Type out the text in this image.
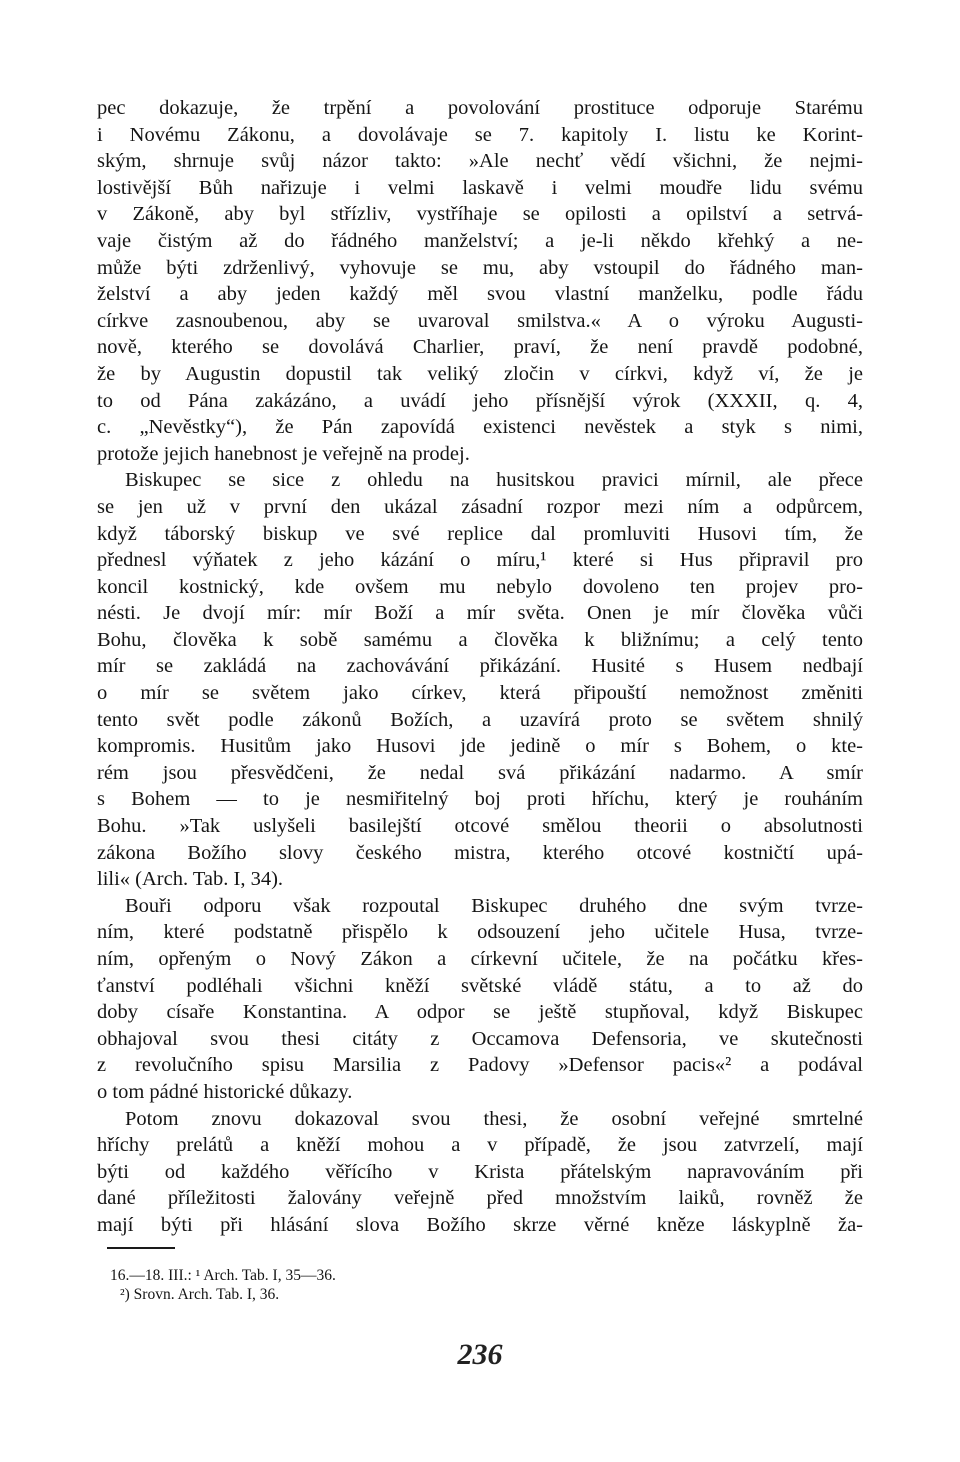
pec dokazuje, že trpění a povolování prostituce odporuje Starému
i Novému Zákonu, a dovolávaje se 7. kapitoly I. listu ke Korint-
ským, shrnuje svůj názor takto: »Ale nechť vědí všichni, že nejmi-
lostivější Bůh nařizuje i velmi laskavě i velmi moudře lidu svému
v Zákoně, aby byl střízliv, vystříhaje se opilosti a opilství a setrvá-
vaje čistým až do řádného manželství; a je-li někdo křehký a ne-
může býti zdrženlivý, vyhovuje se mu, aby vstoupil do řádného man-
želství a aby jeden každý měl svou vlastní manželku, podle řádu
církve zasnoubenou, aby se uvaroval smilstva.« A o výroku Augusti-
nově, kterého se dovolává Charlier, praví, že není pravdě podobné,
že by Augustin dopustil tak veliký zločin v církvi, když ví, že je
to od Pána zakázáno, a uvádí jeho přísnější výrok (XXXII, q. 4,
c. „Nevěstky“), že Pán zapovídá existenci nevěstek a styk s nimi,
protože jejich hanebnost je veřejně na prodej.
Biskupec se sice z ohledu na husitskou pravici mírnil, ale přece
se jen už v první den ukázal zásadní rozpor mezi ním a odpůrcem,
když táborský biskup ve své replice dal promluviti Husovi tím, že
přednesl výňatek z jeho kázání o míru,¹ které si Hus připravil pro
koncil kostnický, kde ovšem mu nebylo dovoleno ten projev pro-
nésti. Je dvojí mír: mír Boží a mír světa. Onen je mír člověka vůči
Bohu, člověka k sobě samému a člověka k bližnímu; a celý tento
mír se zakládá na zachovávání přikázání. Husité s Husem nedbají
o mír se světem jako církev, která připouští nemožnost změniti
tento svět podle zákonů Božích, a uzavírá proto se světem shnilý
kompromis. Husitům jako Husovi jde jedině o mír s Bohem, o kte-
rém jsou přesvědčeni, že nedal svá přikázání nadarmo. A smír
s Bohem — to je nesmiřitelný boj proti hříchu, který je rouháním
Bohu. »Tak uslyšeli basilejští otcové smělou theorii o absolutnosti
zákona Božího slovy českého mistra, kterého otcové kostničtí upá-
lili« (Arch. Tab. I, 34).
Bouři odporu však rozpoutal Biskupec druhého dne svým tvrze-
ním, které podstatně přispělo k odsouzení jeho učitele Husa, tvrze-
ním, opřeným o Nový Zákon a církevní učitele, že na počátku křes-
ťanství podléhali všichni kněží světské vládě státu, a to až do
doby císaře Konstantina. A odpor se ještě stupňoval, když Biskupec
obhajoval svou thesi citáty z Occamova Defensoria, ve skutečnosti
z revolučního spisu Marsilia z Padovy »Defensor pacis«² a podával
o tom pádné historické důkazy.
Potom znovu dokazoval svou thesi, že osobní veřejné smrtelné
hříchy prelátů a kněží mohou a v případě, že jsou zatvrzelí, mají
býti od každého věřícího v Krista přátelským napravováním při
dané příležitosti žalovány veřejně před množstvím laiků, rovněž že
mají býti při hlásání slova Božího skrze věrné kněze láskyplně ža-
16.—18. III.: ¹ Arch. Tab. I, 35—36.
²) Srovn. Arch. Tab. I, 36.
236
